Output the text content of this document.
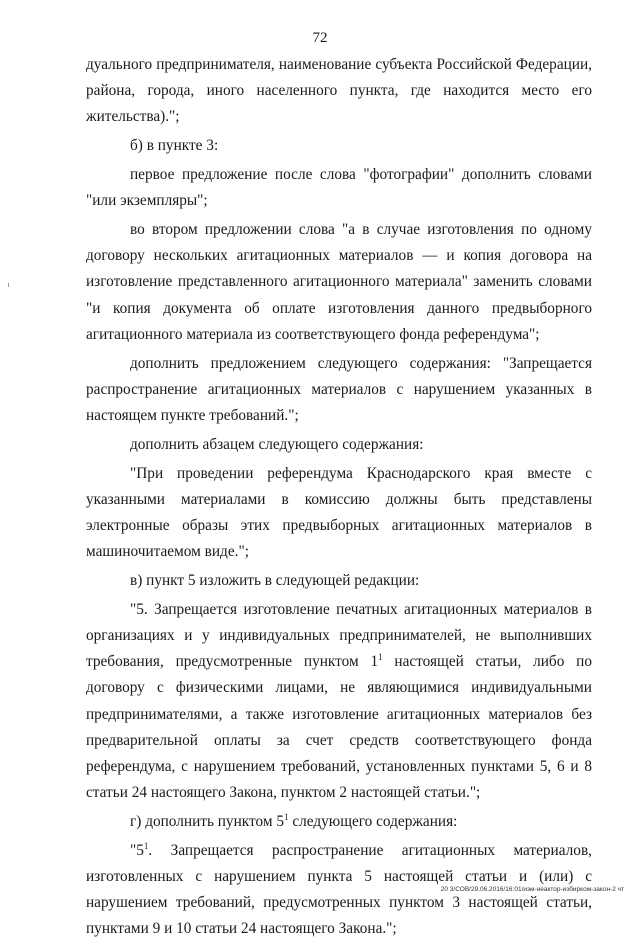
72

дуального предпринимателя, наименование субъекта Российской Федерации, района, города, иного населенного пункта, где находится место его жительства).";

б) в пункте 3:

первое предложение после слова "фотографии" дополнить словами "или экземпляры";

во втором предложении слова "а в случае изготовления по одному договору нескольких агитационных материалов — и копия договора на изготовление представленного агитационного материала" заменить словами "и копия документа об оплате изготовления данного предвыборного агитационного материала из соответствующего фонда референдума";

дополнить предложением следующего содержания: "Запрещается распространение агитационных материалов с нарушением указанных в настоящем пункте требований.";

дополнить абзацем следующего содержания:

"При проведении референдума Краснодарского края вместе с указанными материалами в комиссию должны быть представлены электронные образы этих предвыборных агитационных материалов в машиночитаемом виде.";

в) пункт 5 изложить в следующей редакции:

"5. Запрещается изготовление печатных агитационных материалов в организациях и у индивидуальных предпринимателей, не выполнивших требования, предусмотренные пунктом $1^1$ настоящей статьи, либо по договору с физическими лицами, не являющимися индивидуальными предпринимателями, а также изготовление агитационных материалов без предварительной оплаты за счет средств соответствующего фонда референдума, с нарушением требований, установленных пунктами 5, 6 и 8 статьи 24 настоящего Закона, пунктом 2 настоящей статьи.";

г) дополнить пунктом $5^1$ следующего содержания:

"$5^1$. Запрещается распространение агитационных материалов, изготовленных с нарушением пункта 5 настоящей статьи и (или) с нарушением требований, предусмотренных пунктом 3 настоящей статьи, пунктами 9 и 10 статьи 24 настоящего Закона.";

20 3/СОВ/29.06.2016/16:01/изм-неактор-избирком-закон-2 чт
